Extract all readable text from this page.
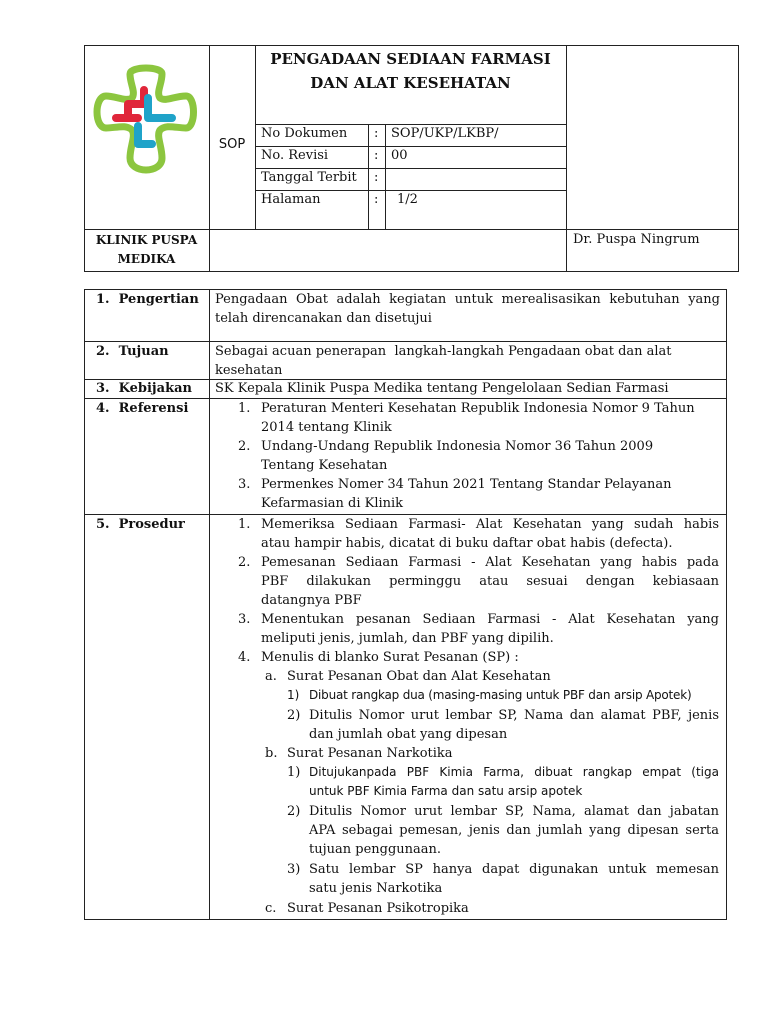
SOP
PENGADAAN SEDIAAN FARMASI
DAN ALAT KESEHATAN
No Dokumen : SOP/UKP/LKBP/
No. Revisi	: 00
Tanggal Terbit :
Halaman	: 1/2
KLINIK PUSPA
MEDIKA
Dr. Puspa Ningrum
1.  Pengertian
2.  Tujuan
3.  Kebijakan
4.  Referensi
5.  Prosedur
Pengadaan Obat adalah kegiatan untuk merealisasikan kebutuhan yang
telah direncanakan dan disetujui
Sebagai acuan penerapan  langkah-langkah Pengadaan obat dan alat
kesehatan
SK Kepala Klinik Puspa Medika tentang Pengelolaan Sedian Farmasi
1. Peraturan Menteri Kesehatan Republik Indonesia Nomor 9 Tahun
2014 tentang Klinik
2. Undang-Undang Republik Indonesia Nomor 36 Tahun 2009
Tentang Kesehatan
3. Permenkes Nomer 34 Tahun 2021 Tentang Standar Pelayanan
Kefarmasian di Klinik
1. Memeriksa Sediaan Farmasi- Alat Kesehatan yang sudah habis
atau hampir habis, dicatat di buku daftar obat habis (defecta).
2. Pemesanan Sediaan Farmasi - Alat Kesehatan yang habis pada
PBF dilakukan perminggu atau sesuai dengan kebiasaan
datangnya PBF
3. Menentukan pesanan Sediaan Farmasi - Alat Kesehatan yang
meliputi jenis, jumlah, dan PBF yang dipilih.
4. Menulis di blanko Surat Pesanan (SP) :
a. Surat Pesanan Obat dan Alat Kesehatan
1) Dibuat rangkap dua (masing-masing untuk PBF dan arsip Apotek)
2) Ditulis Nomor urut lembar SP, Nama dan alamat PBF, jenis
dan jumlah obat yang dipesan
b. Surat Pesanan Narkotika
1) Ditujukanpada PBF Kimia Farma, dibuat rangkap empat (tiga
untuk PBF Kimia Farma dan satu arsip apotek
2) Ditulis Nomor urut lembar SP, Nama, alamat dan jabatan
APA sebagai pemesan, jenis dan jumlah yang dipesan serta
tujuan penggunaan.
3) Satu lembar SP hanya dapat digunakan untuk memesan
satu jenis Narkotika
c. Surat Pesanan Psikotropika
